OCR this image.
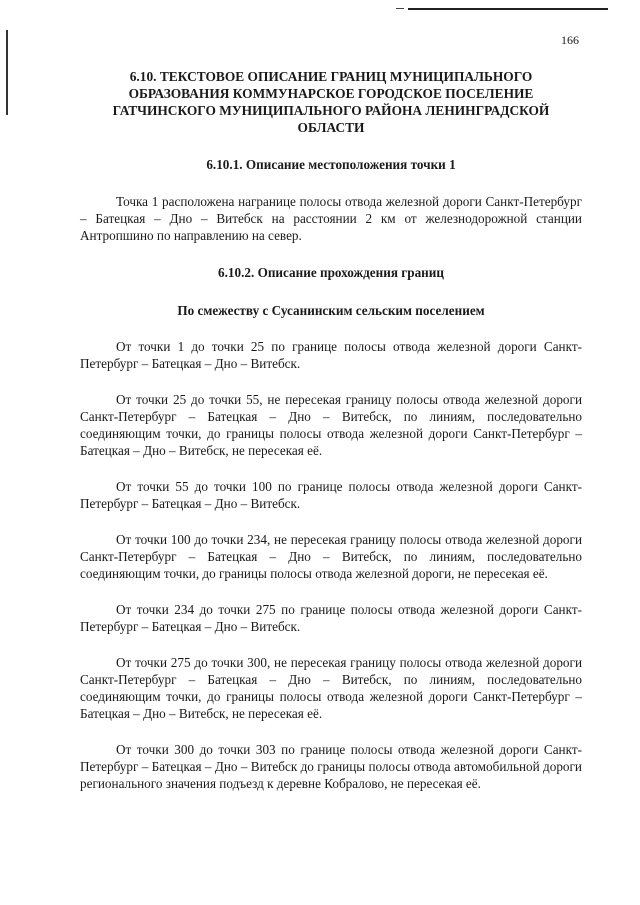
166
6.10. ТЕКСТОВОЕ ОПИСАНИЕ ГРАНИЦ МУНИЦИПАЛЬНОГО ОБРАЗОВАНИЯ КОММУНАРСКОЕ ГОРОДСКОЕ ПОСЕЛЕНИЕ ГАТЧИНСКОГО МУНИЦИПАЛЬНОГО РАЙОНА ЛЕНИНГРАДСКОЙ ОБЛАСТИ
6.10.1. Описание местоположения точки 1

Точка 1 расположена награнице полосы отвода железной дороги Санкт-Петербург – Батецкая – Дно – Витебск на расстоянии 2 км от железнодорожной станции Антропшино по направлению на север.

6.10.2. Описание прохождения границ
По смежеству с Сусанинским сельским поселением

От точки 1 до точки 25 по границе полосы отвода железной дороги Санкт-Петербург – Батецкая – Дно – Витебск.

От точки 25 до точки 55, не пересекая границу полосы отвода железной дороги Санкт-Петербург – Батецкая – Дно – Витебск, по линиям, последовательно соединяющим точки, до границы полосы отвода железной дороги Санкт-Петербург – Батецкая – Дно – Витебск, не пересекая её.

От точки 55 до точки 100 по границе полосы отвода железной дороги Санкт-Петербург – Батецкая – Дно – Витебск.

От точки 100 до точки 234, не пересекая границу полосы отвода железной дороги Санкт-Петербург – Батецкая – Дно – Витебск, по линиям, последовательно соединяющим точки, до границы полосы отвода железной дороги, не пересекая её.

От точки 234 до точки 275 по границе полосы отвода железной дороги Санкт-Петербург – Батецкая – Дно – Витебск.

От точки 275 до точки 300, не пересекая границу полосы отвода железной дороги Санкт-Петербург – Батецкая – Дно – Витебск, по линиям, последовательно соединяющим точки, до границы полосы отвода железной дороги Санкт-Петербург – Батецкая – Дно – Витебск, не пересекая её.

От точки 300 до точки 303 по границе полосы отвода железной дороги Санкт-Петербург – Батецкая – Дно – Витебск до границы полосы отвода автомобильной дороги регионального значения подъезд к деревне Кобралово, не пересекая её.
